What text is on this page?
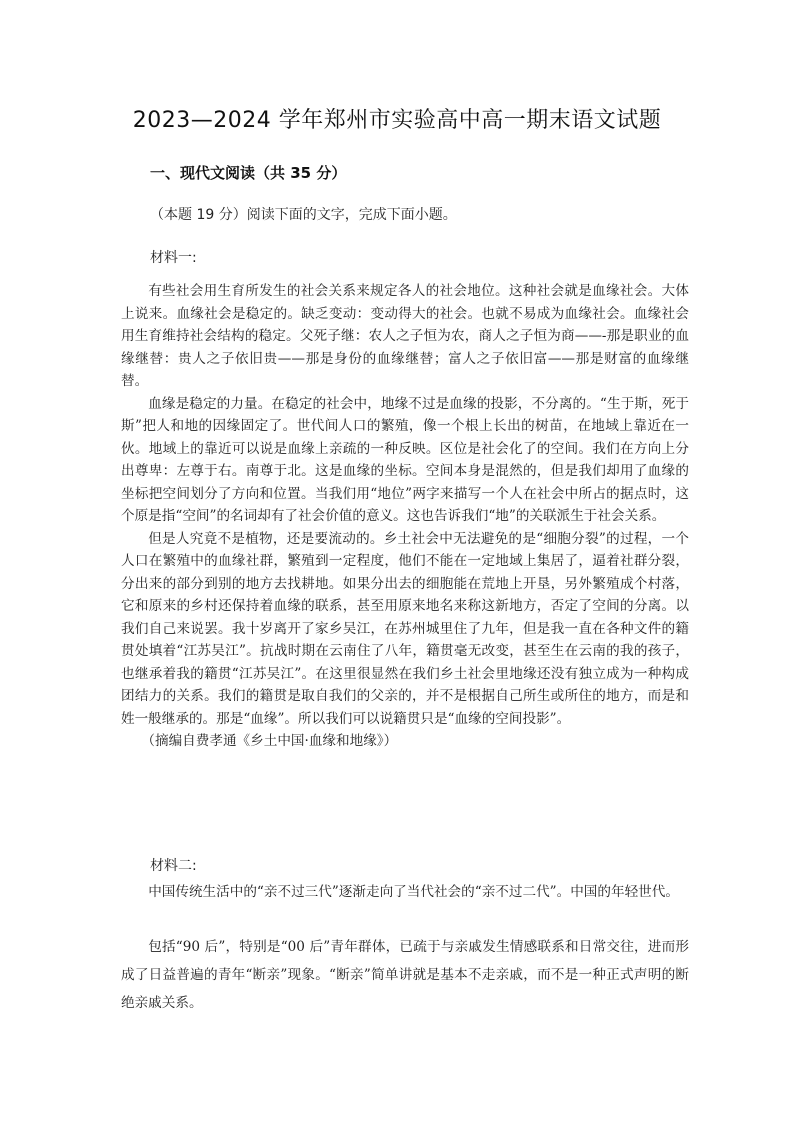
2023—2024 学年郑州市实验高中高一期末语文试题
一、现代文阅读（共 35 分）
（本题 19 分）阅读下面的文字，完成下面小题。
材料一:

有些社会用生育所发生的社会关系来规定各人的社会地位。这种社会就是血缘社会。大体上说来。血缘社会是稳定的。缺乏变动：变动得大的社会。也就不易成为血缘社会。血缘社会用生育维持社会结构的稳定。父死子继：农人之子恒为农，商人之子恒为商——-那是职业的血缘继替：贵人之子依旧贵——那是身份的血缘继替；富人之子依旧富——那是财富的血缘继替。

血缘是稳定的力量。在稳定的社会中，地缘不过是血缘的投影，不分离的。“生于斯，死于斯”把人和地的因缘固定了。世代间人口的繁殖，像一个根上长出的树苗，在地域上靠近在一伙。地域上的靠近可以说是血缘上亲疏的一种反映。区位是社会化了的空间。我们在方向上分出尊卑：左尊于右。南尊于北。这是血缘的坐标。空间本身是混然的，但是我们却用了血缘的坐标把空间划分了方向和位置。当我们用“地位”两字来描写一个人在社会中所占的据点时，这个原是指“空间”的名词却有了社会价值的意义。这也告诉我们“地”的关联派生于社会关系。

但是人究竟不是植物，还是要流动的。乡土社会中无法避免的是“细胞分裂”的过程，一个人口在繁殖中的血缘社群，繁殖到一定程度，他们不能在一定地域上集居了，逼着社群分裂，分出来的部分到别的地方去找耕地。如果分出去的细胞能在荒地上开垦，另外繁殖成个村落，它和原来的乡村还保持着血缘的联系，甚至用原来地名来称这新地方，否定了空间的分离。以我们自己来说罢。我十岁离开了家乡吴江，在苏州城里住了九年，但是我一直在各种文件的籍贯处填着“江苏吴江”。抗战时期在云南住了八年，籍贯毫无改变，甚至生在云南的我的孩子，也继承着我的籍贯“江苏吴江”。在这里很显然在我们乡土社会里地缘还没有独立成为一种构成团结力的关系。我们的籍贯是取自我们的父亲的，并不是根据自己所生或所住的地方，而是和姓一般继承的。那是“血缘”。所以我们可以说籍贯只是“血缘的空间投影”。

（摘编自费孝通《乡土中国·血缘和地缘》）

材料二:

中国传统生活中的“亲不过三代”逐渐走向了当代社会的“亲不过二代”。中国的年轻世代。

包括“90 后”，特别是“00 后”青年群体，已疏于与亲戚发生情感联系和日常交往，进而形成了日益普遍的青年“断亲”现象。“断亲”简单讲就是基本不走亲戚，而不是一种正式声明的断绝亲戚关系。
